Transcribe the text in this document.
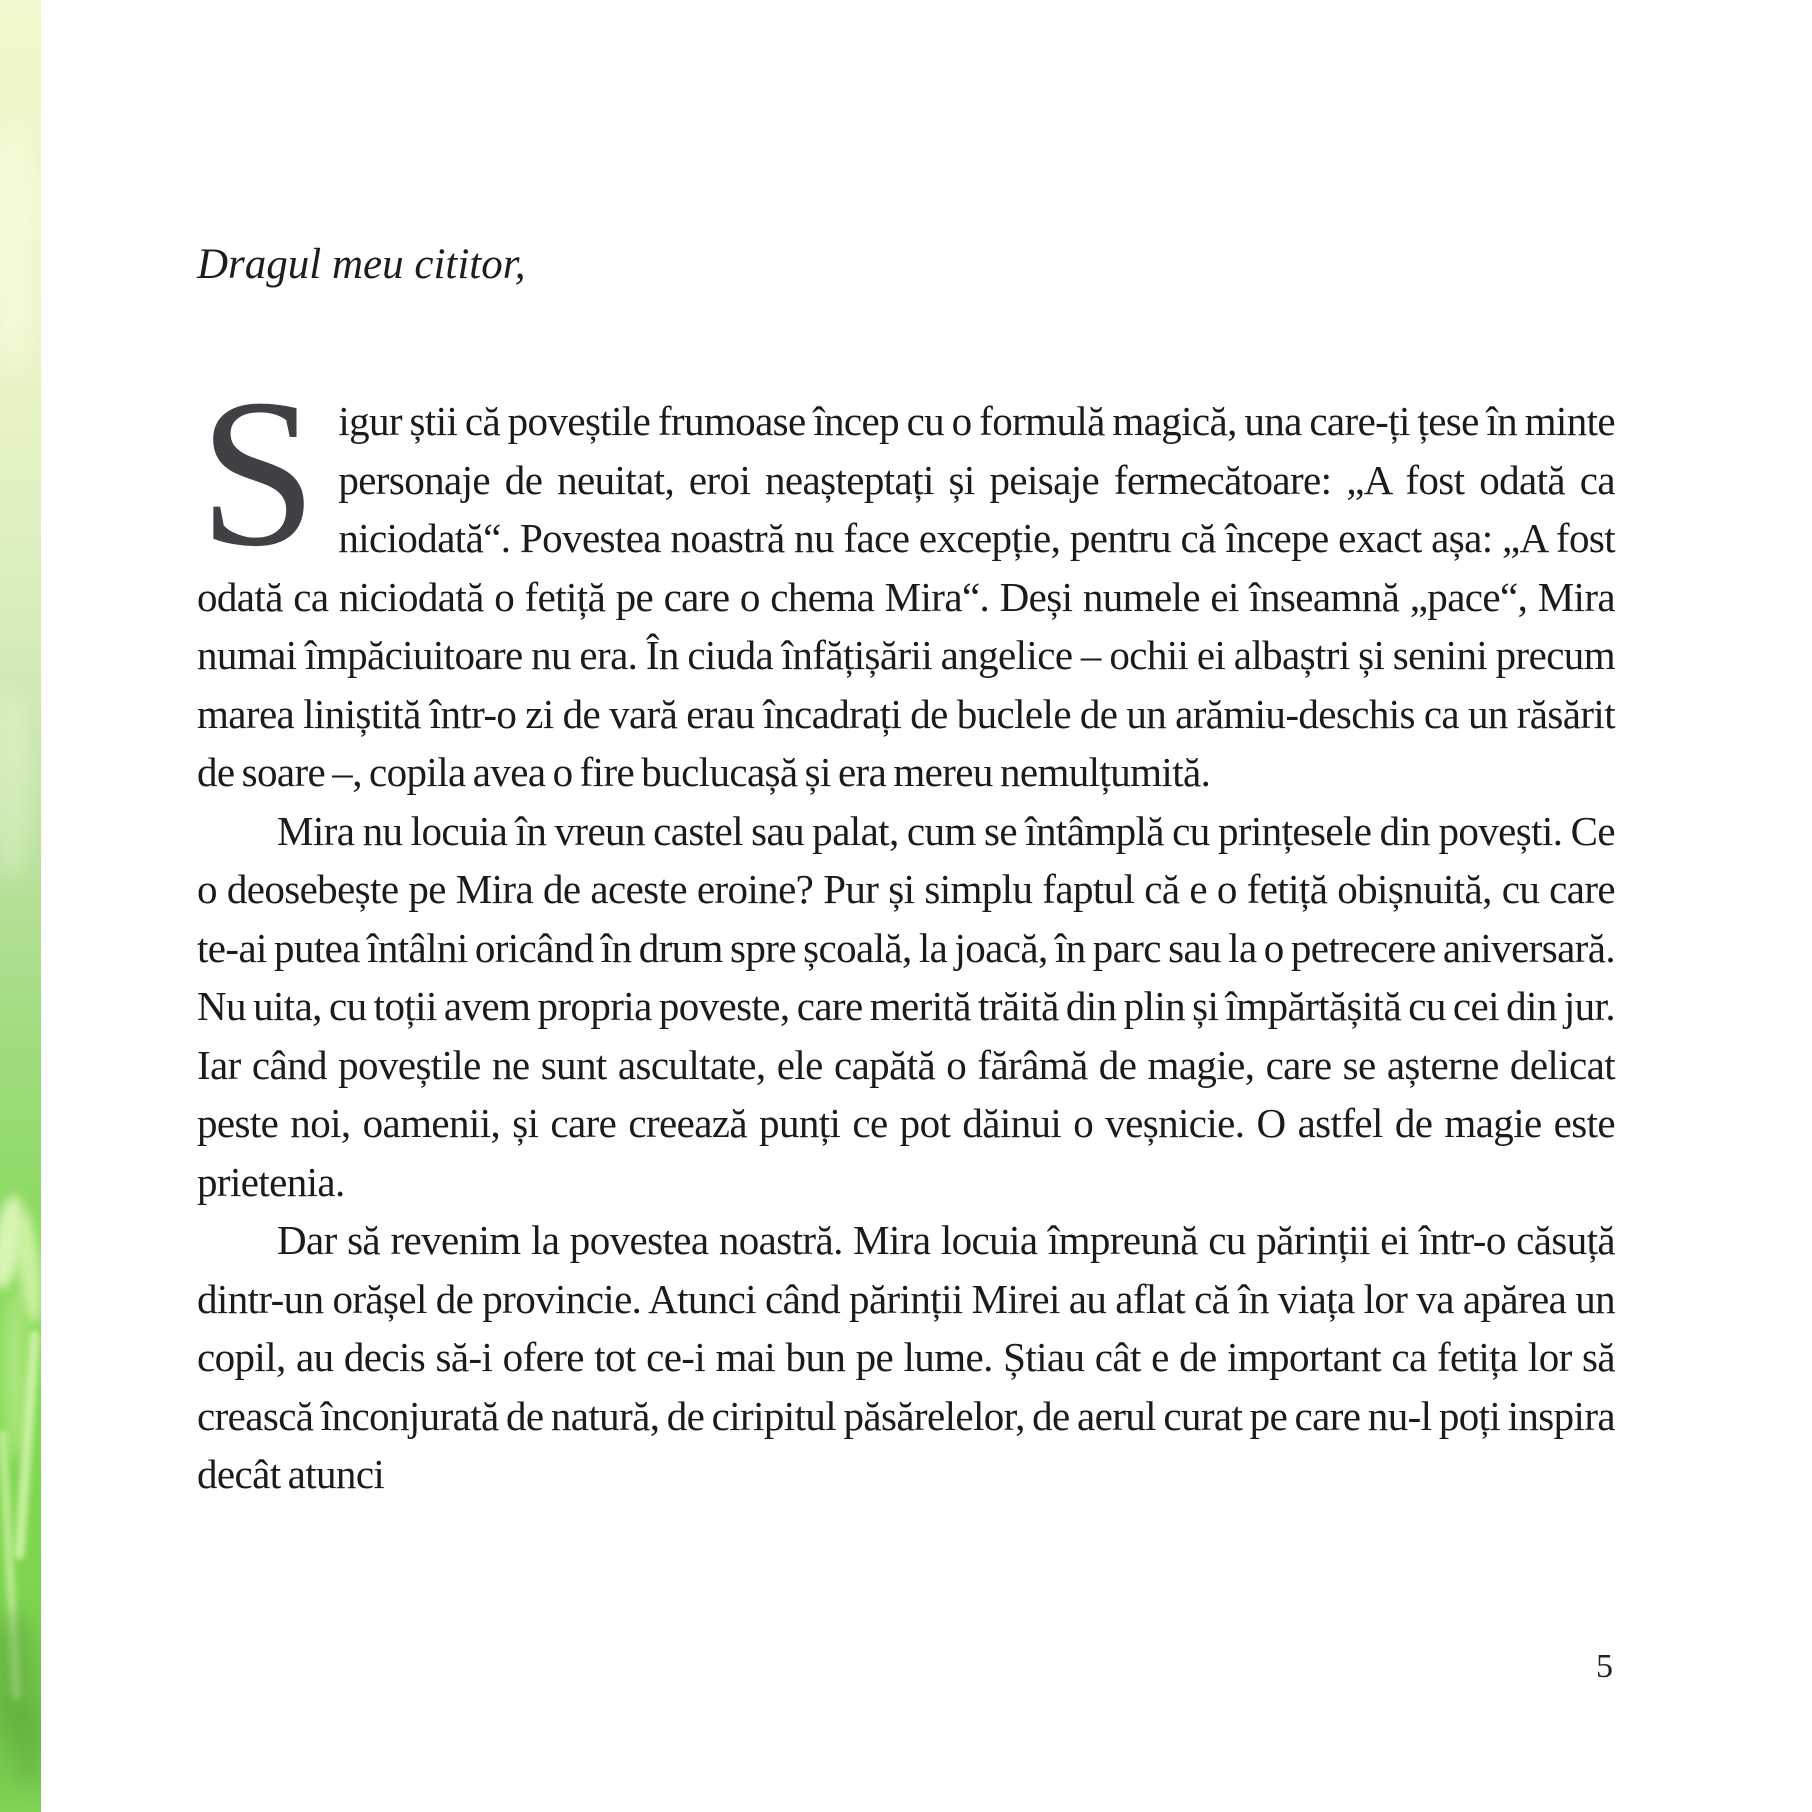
Dragul meu cititor,

Sigur știi că poveștile frumoase încep cu o formulă magică, una care-ți țese în minte personaje de neuitat, eroi neașteptați și peisaje fermecătoare: „A fost odată ca niciodată“. Povestea noastră nu face excepție, pentru că începe exact așa: „A fost odată ca niciodată o fetiță pe care o chema Mira“. Deși numele ei înseamnă „pace“, Mira numai împăciuitoare nu era. În ciuda înfățișării angelice – ochii ei albaștri și senini precum marea liniștită într-o zi de vară erau încadrați de buclele de un arămiu-deschis ca un răsărit de soare –, copila avea o fire buclucașă și era mereu nemulțumită.

Mira nu locuia în vreun castel sau palat, cum se întâmplă cu prințesele din povești. Ce o deosebește pe Mira de aceste eroine? Pur și simplu faptul că e o fetiță obișnuită, cu care te-ai putea întâlni oricând în drum spre școală, la joacă, în parc sau la o petrecere aniversară. Nu uita, cu toții avem propria poveste, care merită trăită din plin și împărtășită cu cei din jur. Iar când poveștile ne sunt ascultate, ele capătă o fărâmă de magie, care se așterne delicat peste noi, oamenii, și care creează punți ce pot dăinui o veșnicie. O astfel de magie este prietenia.

Dar să revenim la povestea noastră. Mira locuia împreună cu părinții ei într-o căsuță dintr-un orășel de provincie. Atunci când părinții Mirei au aflat că în viața lor va apărea un copil, au decis să-i ofere tot ce-i mai bun pe lume. Știau cât e de important ca fetița lor să crească înconjurată de natură, de ciripitul păsărelelor, de aerul curat pe care nu-l poți inspira decât atunci

5
